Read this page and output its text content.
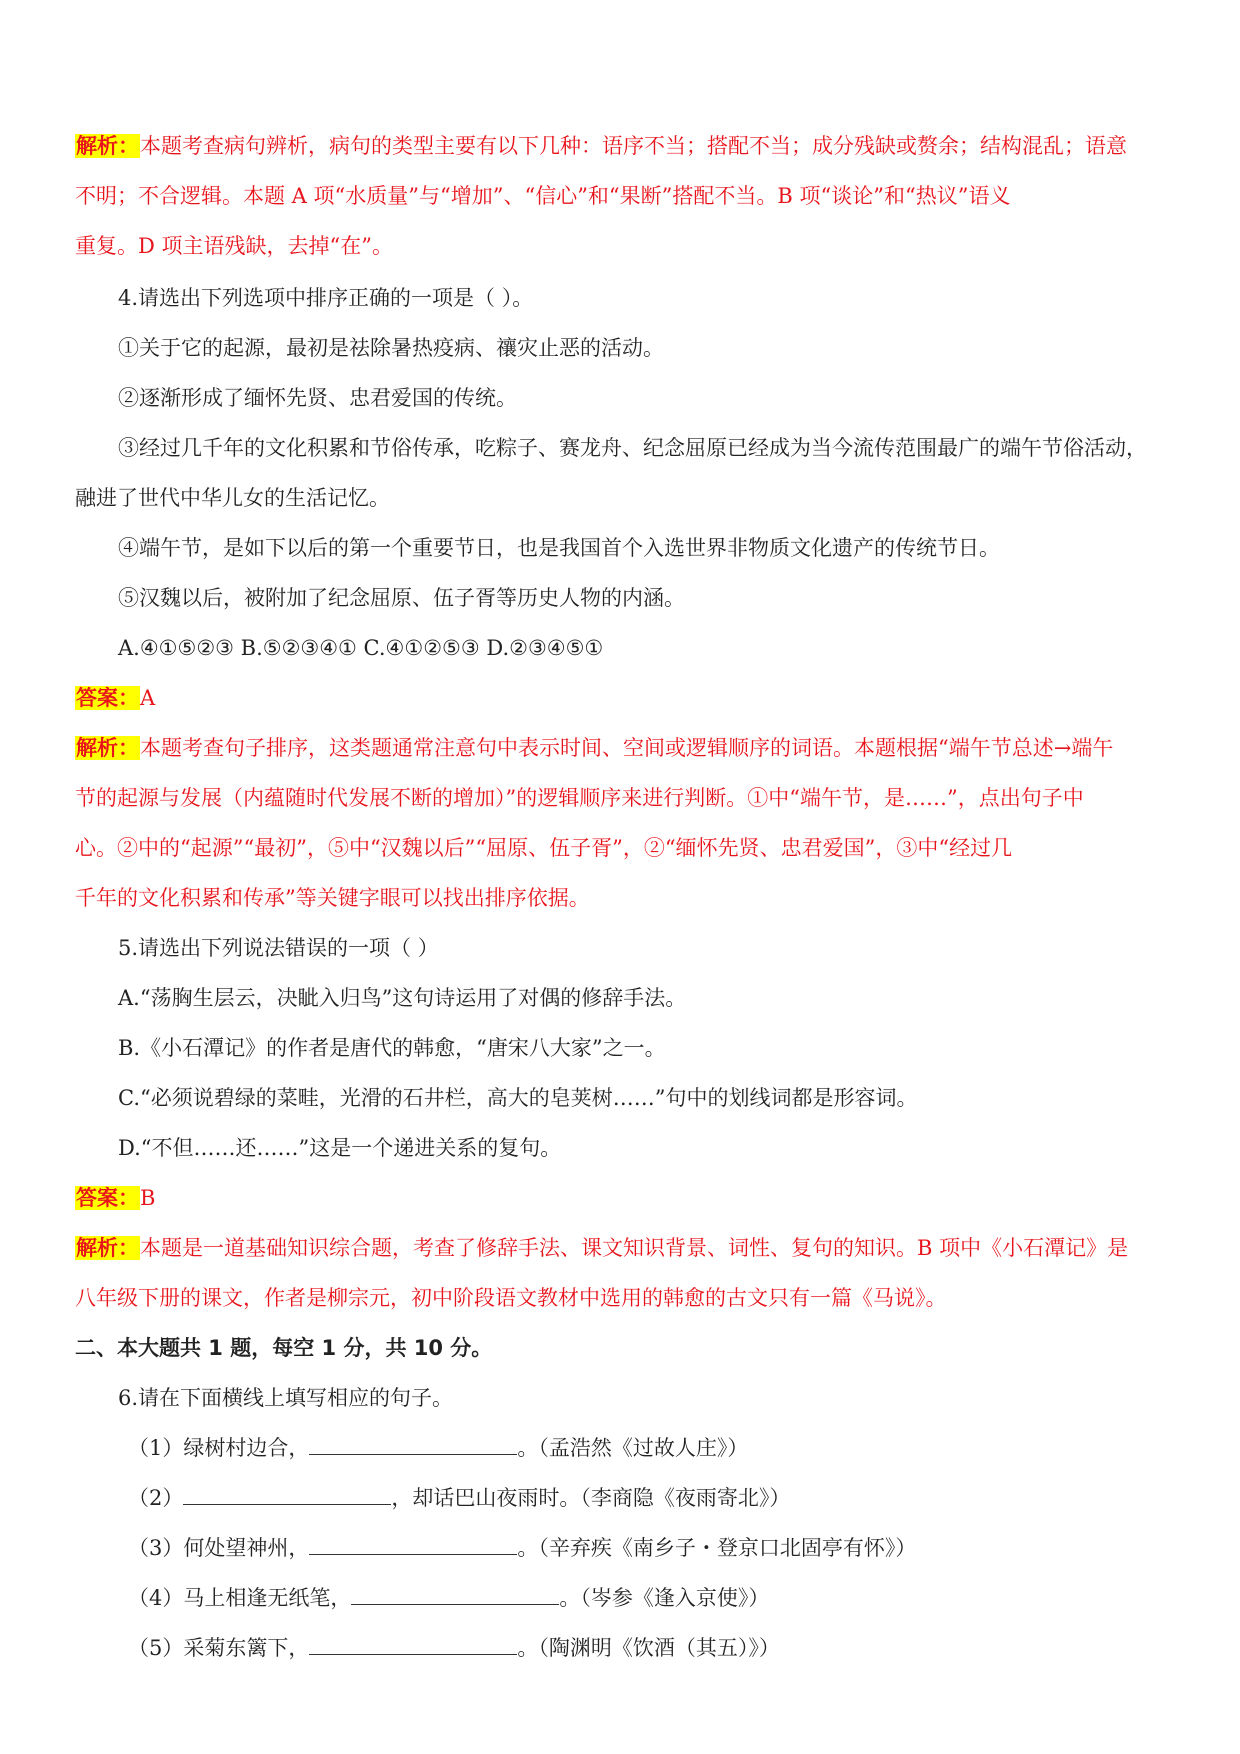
解析：本题考查病句辨析，病句的类型主要有以下几种：语序不当；搭配不当；成分残缺或赘余；结构混乱；语意
不明；不合逻辑。本题 A 项“水质量”与“增加”、“信心”和“果断”搭配不当。B 项“谈论”和“热议”语义
重复。D 项主语残缺，去掉“在”。
4.请选出下列选项中排序正确的一项是（ ）。
①关于它的起源，最初是祛除暑热疫病、禳灾止恶的活动。
②逐渐形成了缅怀先贤、忠君爱国的传统。
③经过几千年的文化积累和节俗传承，吃粽子、赛龙舟、纪念屈原已经成为当今流传范围最广的端午节俗活动，
融进了世代中华儿女的生活记忆。
④端午节，是如下以后的第一个重要节日，也是我国首个入选世界非物质文化遗产的传统节日。
⑤汉魏以后，被附加了纪念屈原、伍子胥等历史人物的内涵。
A.④①⑤②③ B.⑤②③④① C.④①②⑤③ D.②③④⑤①
答案：A
解析：本题考查句子排序，这类题通常注意句中表示时间、空间或逻辑顺序的词语。本题根据“端午节总述→端午
节的起源与发展（内蕴随时代发展不断的增加）”的逻辑顺序来进行判断。①中“端午节，是……”，点出句子中
心。②中的“起源”“最初”，⑤中“汉魏以后”“屈原、伍子胥”，②“缅怀先贤、忠君爱国”，③中“经过几
千年的文化积累和传承”等关键字眼可以找出排序依据。
5.请选出下列说法错误的一项（ ）
A.“荡胸生层云，决眦入归鸟”这句诗运用了对偶的修辞手法。
B.《小石潭记》的作者是唐代的韩愈，“唐宋八大家”之一。
C.“必须说碧绿的菜畦，光滑的石井栏，高大的皂荚树……”句中的划线词都是形容词。
D.“不但……还……”这是一个递进关系的复句。
答案：B
解析：本题是一道基础知识综合题，考查了修辞手法、课文知识背景、词性、复句的知识。B 项中《小石潭记》是
八年级下册的课文，作者是柳宗元，初中阶段语文教材中选用的韩愈的古文只有一篇《马说》。
二、本大题共 1 题，每空 1 分，共 10 分。
6.请在下面横线上填写相应的句子。
（1）绿树村边合，	。（孟浩然《过故人庄》）
（2）	，却话巴山夜雨时。（李商隐《夜雨寄北》）
（3）何处望神州，	。（辛弃疾《南乡子・登京口北固亭有怀》）
（4）马上相逢无纸笔，	。（岑参《逢入京使》）
（5）采菊东篱下，	。（陶渊明《饮酒（其五）》）
